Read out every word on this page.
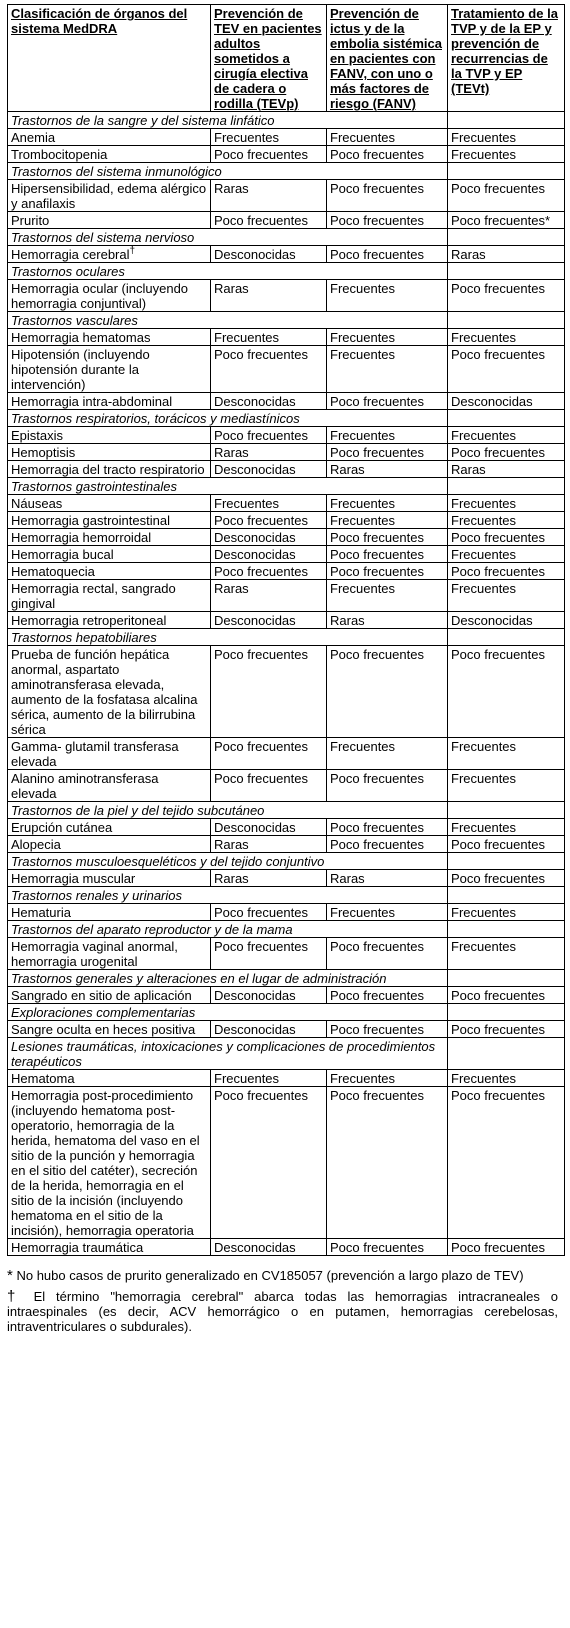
Clasificación de órganos del sistema MedDRA	Prevención de TEV en pacientes adultos sometidos a cirugía electiva de cadera o rodilla (TEVp)	Prevención de ictus y de la embolia sistémica en pacientes con FANV, con uno o más factores de riesgo (FANV)	Tratamiento de la TVP y de la EP y prevención de recurrencias de la TVP y EP (TEVt)

Trastornos de la sangre y del sistema linfático			
Anemia	Frecuentes	Frecuentes	Frecuentes
Trombocitopenia	Poco frecuentes	Poco frecuentes	Frecuentes
Trastornos del sistema inmunológico			
Hipersensibilidad, edema alérgico y anafilaxis	Raras	Poco frecuentes	Poco frecuentes
Prurito	Poco frecuentes	Poco frecuentes	Poco frecuentes*
Trastornos del sistema nervioso			
Hemorragia cerebral†	Desconocidas	Poco frecuentes	Raras
Trastornos oculares			
Hemorragia ocular (incluyendo hemorragia conjuntival)	Raras	Frecuentes	Poco frecuentes
Trastornos vasculares			
Hemorragia hematomas	Frecuentes	Frecuentes	Frecuentes
Hipotensión (incluyendo hipotensión durante la intervención)	Poco frecuentes	Frecuentes	Poco frecuentes
Hemorragia intra-abdominal	Desconocidas	Poco frecuentes	Desconocidas
Trastornos respiratorios, torácicos y mediastínicos			
Epistaxis	Poco frecuentes	Frecuentes	Frecuentes
Hemoptisis	Raras	Poco frecuentes	Poco frecuentes
Hemorragia del tracto respiratorio	Desconocidas	Raras	Raras
Trastornos gastrointestinales			
Náuseas	Frecuentes	Frecuentes	Frecuentes
Hemorragia gastrointestinal	Poco frecuentes	Frecuentes	Frecuentes
Hemorragia hemorroidal	Desconocidas	Poco frecuentes	Poco frecuentes
Hemorragia bucal	Desconocidas	Poco frecuentes	Frecuentes
Hematoquecia	Poco frecuentes	Poco frecuentes	Poco frecuentes
Hemorragia rectal, sangrado gingival	Raras	Frecuentes	Frecuentes
Hemorragia retroperitoneal	Desconocidas	Raras	Desconocidas
Trastornos hepatobiliares			
Prueba de función hepática anormal, aspartato aminotransferasa elevada, aumento de la fosfatasa alcalina sérica, aumento de la bilirrubina sérica	Poco frecuentes	Poco frecuentes	Poco frecuentes
Gamma- glutamil transferasa elevada	Poco frecuentes	Frecuentes	Frecuentes
Alanino aminotransferasa elevada	Poco frecuentes	Poco frecuentes	Frecuentes
Trastornos de la piel y del tejido subcutáneo			
Erupción cutánea	Desconocidas	Poco frecuentes	Frecuentes
Alopecia	Raras	Poco frecuentes	Poco frecuentes
Trastornos musculoesqueléticos y del tejido conjuntivo			
Hemorragia muscular	Raras	Raras	Poco frecuentes
Trastornos renales y urinarios			
Hematuria	Poco frecuentes	Frecuentes	Frecuentes
Trastornos del aparato reproductor y de la mama			
Hemorragia vaginal anormal, hemorragia urogenital	Poco frecuentes	Poco frecuentes	Frecuentes
Trastornos generales y alteraciones en el lugar de administración			
Sangrado en sitio de aplicación	Desconocidas	Poco frecuentes	Poco frecuentes
Exploraciones complementarias			
Sangre oculta en heces positiva	Desconocidas	Poco frecuentes	Poco frecuentes
Lesiones traumáticas, intoxicaciones y complicaciones de procedimientos terapéuticos			
Hematoma	Frecuentes	Frecuentes	Frecuentes
Hemorragia post-procedimiento (incluyendo hematoma post- operatorio, hemorragia de la herida, hematoma del vaso en el sitio de la punción y hemorragia en el sitio del catéter), secreción de la herida, hemorragia en el sitio de la incisión (incluyendo hematoma en el sitio de la incisión), hemorragia operatoria	Poco frecuentes	Poco frecuentes	Poco frecuentes
Hemorragia traumática	Desconocidas	Poco frecuentes	Poco frecuentes

* No hubo casos de prurito generalizado en CV185057 (prevención a largo plazo de TEV)

† El término "hemorragia cerebral" abarca todas las hemorragias intracraneales o intraespinales (es decir, ACV hemorrágico o en putamen, hemorragias cerebelosas, intraventriculares o subdurales).
